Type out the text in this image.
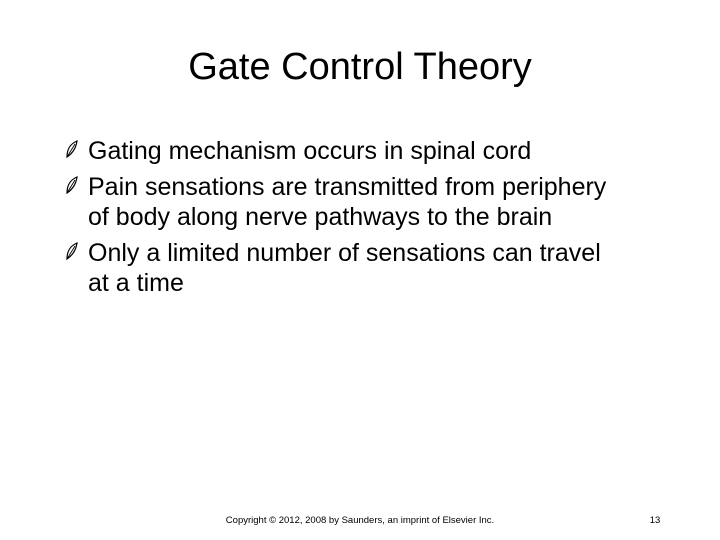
Gate Control Theory
Gating mechanism occurs in spinal cord
Pain sensations are transmitted from periphery of body along nerve pathways to the brain
Only a limited number of sensations can travel at a time
Copyright © 2012, 2008 by Saunders, an imprint of Elsevier Inc.	13
